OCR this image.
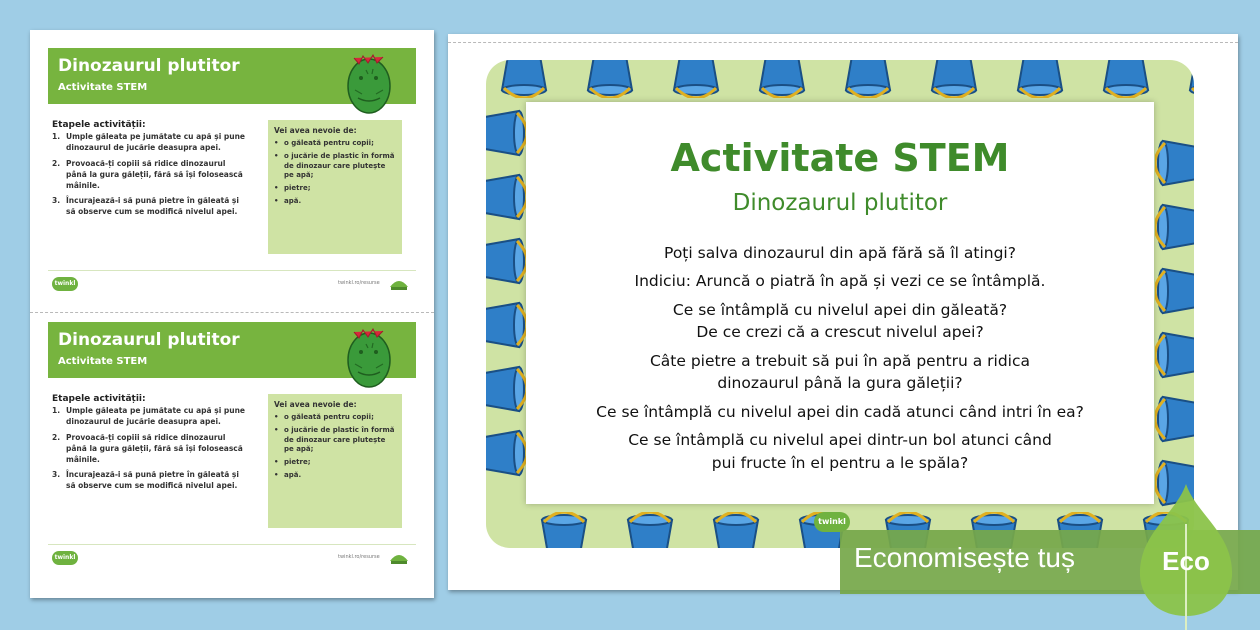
Dinozaurul plutitor
Activitate STEM
Etapele activității:
1. Umple găleata pe jumătate cu apă și pune dinozaurul de jucărie deasupra apei.
2. Provoacă-ți copiii să ridice dinozaurul până la gura găleții, fără să își folosească mâinile.
3. Încurajează-i să pună pietre în găleată și să observe cum se modifică nivelul apei.
Vei avea nevoie de:
• o găleată pentru copii;
• o jucărie de plastic în formă de dinozaur care plutește pe apă;
• pietre;
• apă.
twinkl	twinkl.ro/resurse
Dinozaurul plutitor
Activitate STEM
Etapele activității:
1. Umple găleata pe jumătate cu apă și pune dinozaurul de jucărie deasupra apei.
2. Provoacă-ți copiii să ridice dinozaurul până la gura găleții, fără să își folosească mâinile.
3. Încurajează-i să pună pietre în găleată și să observe cum se modifică nivelul apei.
Vei avea nevoie de:
• o găleată pentru copii;
• o jucărie de plastic în formă de dinozaur care plutește pe apă;
• pietre;
• apă.
twinkl	twinkl.ro/resurse
Activitate STEM
Dinozaurul plutitor

Poți salva dinozaurul din apă fără să îl atingi?

Indiciu: Aruncă o piatră în apă și vezi ce se întâmplă.

Ce se întâmplă cu nivelul apei din găleată?
De ce crezi că a crescut nivelul apei?

Câte pietre a trebuit să pui în apă pentru a ridica
dinozaurul până la gura găleții?

Ce se întâmplă cu nivelul apei din cadă atunci când intri în ea?

Ce se întâmplă cu nivelul apei dintr-un bol atunci când
pui fructe în el pentru a le spăla?

twinkl
Economisește tuș	Eco
